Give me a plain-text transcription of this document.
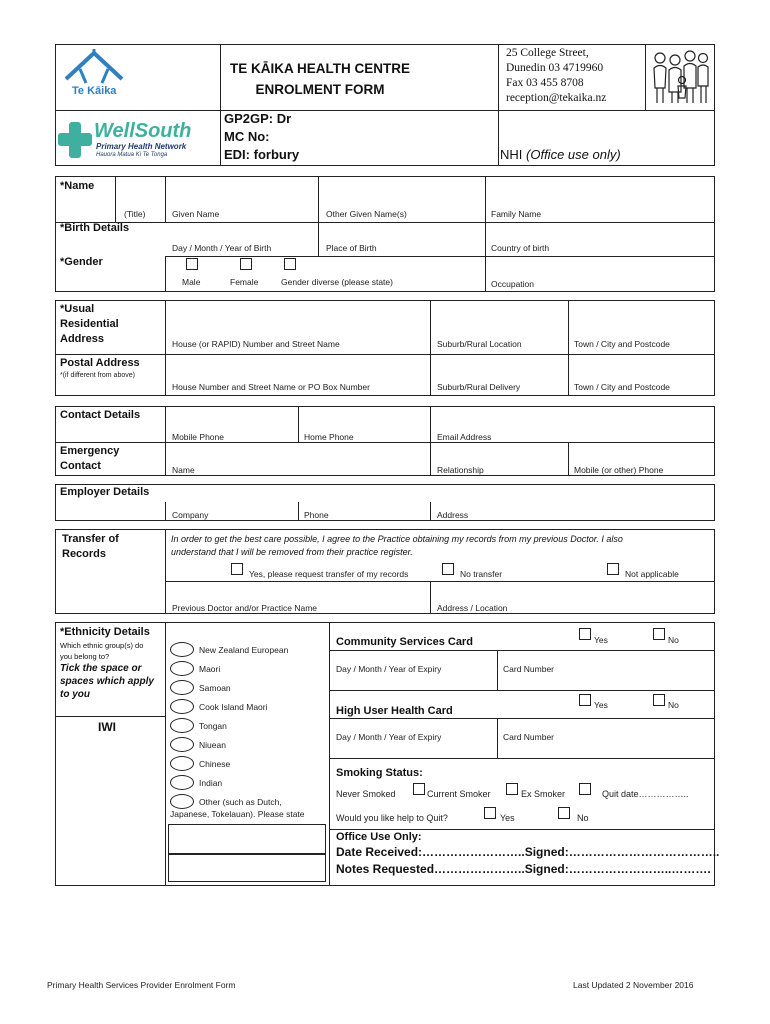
Te Kāika
WellSouth
Primary Health Network
Hauora Matua Ki Te Tonga
TE KĀIKA HEALTH CENTRE
ENROLMENT FORM
25 College Street,
Dunedin 03 4719960
Fax 03 455 8708
reception@tekaika.nz
GP2GP: Dr
MC No:
EDI: forbury	NHI (Office use only)
*Name
(Title)	Given Name	Other Given Name(s)	Family Name
*Birth Details
Day / Month / Year of Birth	Place of Birth	Country of birth
*Gender
Male	Female	Gender diverse (please state)	Occupation
*Usual
Residential
Address	House (or RAPID) Number and Street Name	Suburb/Rural Location	Town / City and Postcode
Postal Address
*(if different from above)
House Number and Street Name or PO Box Number	Suburb/Rural Delivery	Town / City and Postcode
Contact Details
Mobile Phone	Home Phone	Email Address
Emergency
Contact	Name	Relationship	Mobile (or other) Phone
Employer Details
Company	Phone	Address
Transfer of
Records
In order to get the best care possible, I agree to the Practice obtaining my records from my previous Doctor. I also
understand that I will be removed from their practice register.
Yes, please request transfer of my records	No transfer	Not applicable
Previous Doctor and/or Practice Name	Address / Location
*Ethnicity Details
Which ethnic group(s) do
you belong to?
Tick the space or
spaces which apply
to you
IWI
New Zealand European
Maori
Samoan
Cook Island Maori
Tongan
Niuean
Chinese
Indian
Other (such as Dutch,
Japanese, Tokelauan). Please state
Community Services Card	Yes	No
Day / Month / Year of Expiry	Card Number
High User Health Card	Yes	No
Day / Month / Year of Expiry	Card Number
Smoking Status:
Never Smoked	Current Smoker	Ex Smoker	Quit date……………..
Would you like help to Quit?	Yes	No
Office Use Only:
Date Received:……………………..Signed:………………………………..
Notes Requested…………………..Signed:……………………..……….
Primary Health Services Provider Enrolment Form	Last Updated 2 November 2016
